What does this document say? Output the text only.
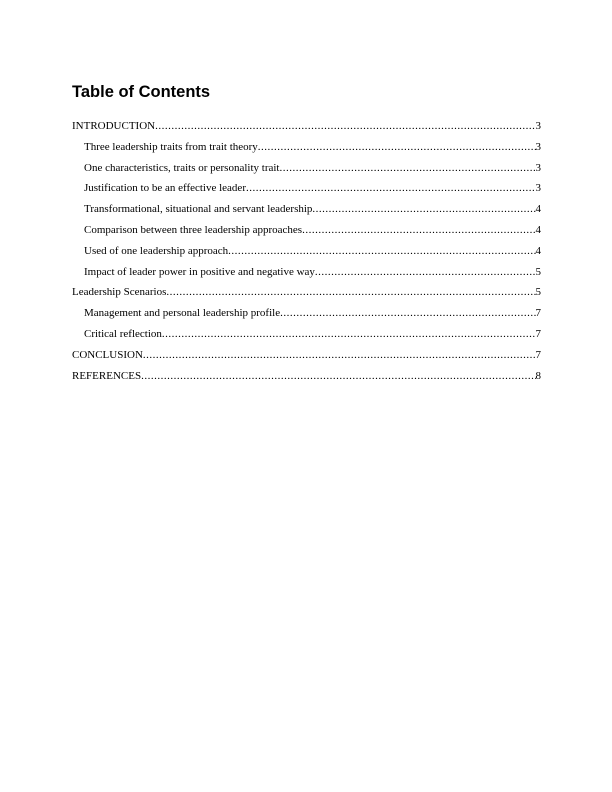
Table of Contents
INTRODUCTION .....	3
Three leadership traits from trait theory .....	3
One characteristics, traits or personality trait .....	3
Justification to be an effective leader .....	3
Transformational, situational and servant leadership .....	4
Comparison between three leadership approaches .....	4
Used of one leadership approach .....	4
Impact of leader power in positive and negative way .....	5
Leadership Scenarios .....	5
Management and personal leadership profile .....	7
Critical reflection .....	7
CONCLUSION .....	7
REFERENCES .....	8
